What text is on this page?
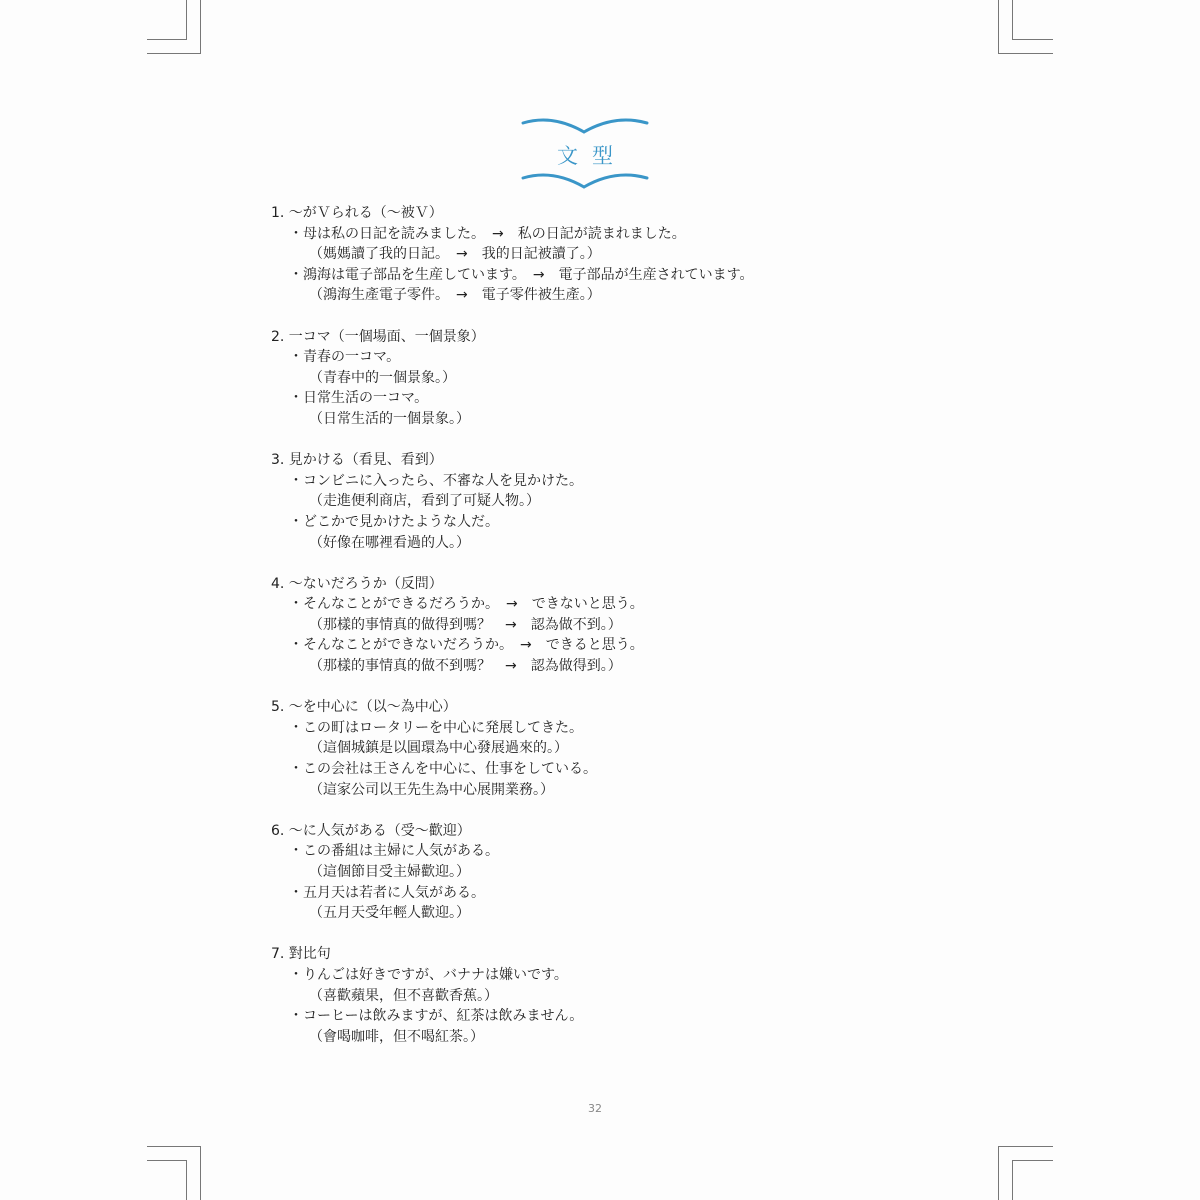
文型
1. ～がＶられる（～被Ｖ）
・母は私の日記を読みました。　→　私の日記が読まれました。
（媽媽讀了我的日記。　→　我的日記被讀了。）
・鴻海は電子部品を生産しています。　→　電子部品が生産されています。
（鴻海生產電子零件。　→　電子零件被生產。）
2. 一コマ（一個場面、一個景象）
・青春の一コマ。
（青春中的一個景象。）
・日常生活の一コマ。
（日常生活的一個景象。）
3. 見かける（看見、看到）
・コンビニに入ったら、不審な人を見かけた。
（走進便利商店，看到了可疑人物。）
・どこかで見かけたような人だ。
（好像在哪裡看過的人。）
4. ～ないだろうか（反問）
・そんなことができるだろうか。　→　できないと思う。
（那樣的事情真的做得到嗎？　→　認為做不到。）
・そんなことができないだろうか。　→　できると思う。
（那樣的事情真的做不到嗎？　→　認為做得到。）
5. ～を中心に（以～為中心）
・この町はロータリーを中心に発展してきた。
（這個城鎮是以圓環為中心發展過來的。）
・この会社は王さんを中心に、仕事をしている。
（這家公司以王先生為中心展開業務。）
6. ～に人気がある（受～歡迎）
・この番組は主婦に人気がある。
（這個節目受主婦歡迎。）
・五月天は若者に人気がある。
（五月天受年輕人歡迎。）
7. 對比句
・りんごは好きですが、バナナは嫌いです。
（喜歡蘋果，但不喜歡香蕉。）
・コーヒーは飲みますが、紅茶は飲みません。
（會喝咖啡，但不喝紅茶。）
32
